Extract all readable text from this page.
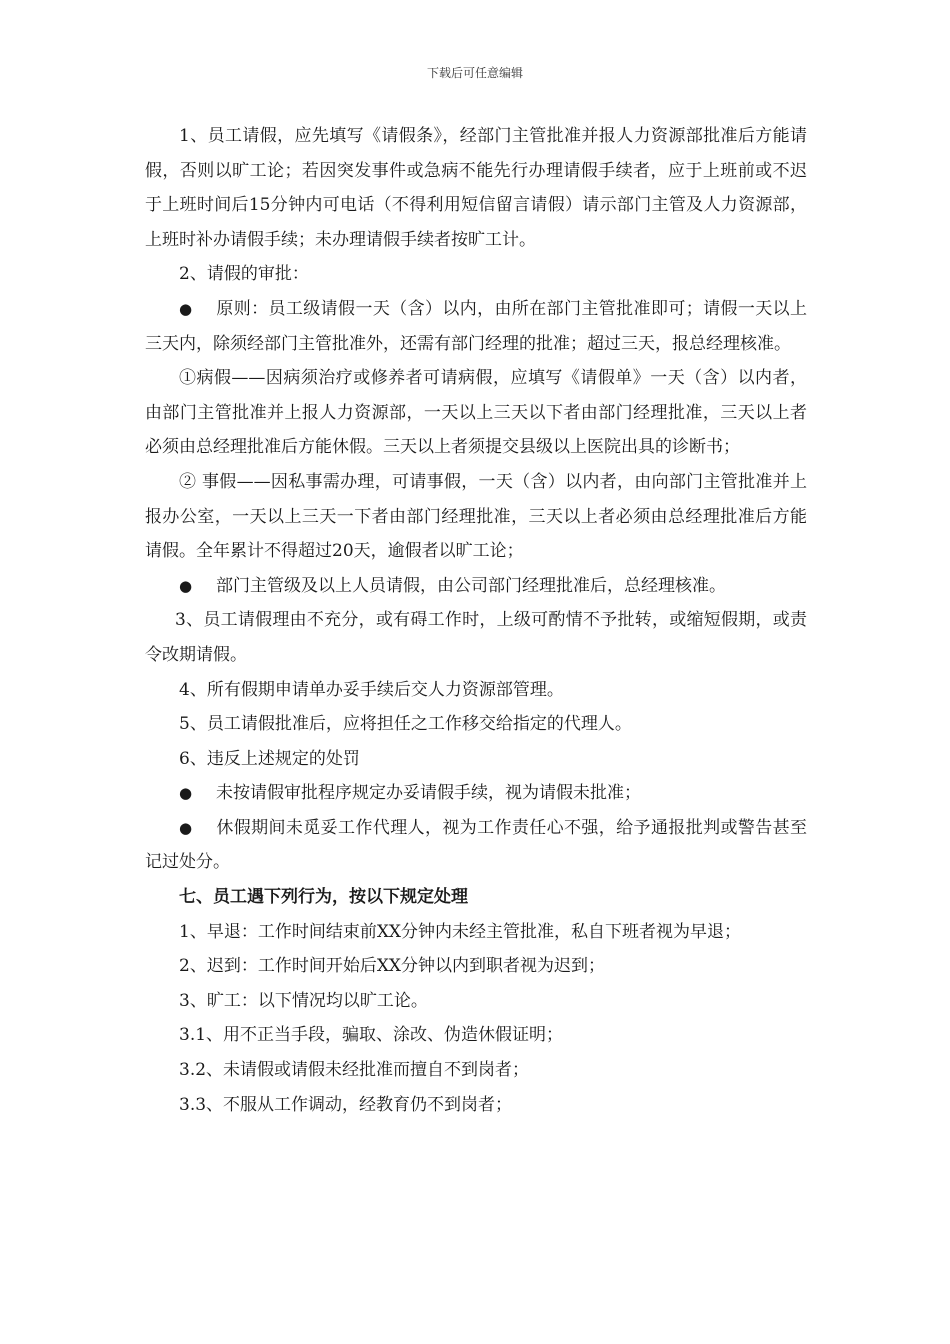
下载后可任意编辑

1、员工请假，应先填写《请假条》，经部门主管批准并报人力资源部批准后方能请假，否则以旷工论；若因突发事件或急病不能先行办理请假手续者，应于上班前或不迟于上班时间后15分钟内可电话（不得利用短信留言请假）请示部门主管及人力资源部，上班时补办请假手续；未办理请假手续者按旷工计。

2、请假的审批：

● 原则：员工级请假一天（含）以内，由所在部门主管批准即可；请假一天以上三天内，除须经部门主管批准外，还需有部门经理的批准；超过三天，报总经理核准。

①病假——因病须治疗或修养者可请病假，应填写《请假单》一天（含）以内者，由部门主管批准并上报人力资源部，一天以上三天以下者由部门经理批准，三天以上者必须由总经理批准后方能休假。三天以上者须提交县级以上医院出具的诊断书；

② 事假——因私事需办理，可请事假，一天（含）以内者，由向部门主管批准并上报办公室，一天以上三天一下者由部门经理批准，三天以上者必须由总经理批准后方能请假。全年累计不得超过20天，逾假者以旷工论；

● 部门主管级及以上人员请假，由公司部门经理批准后，总经理核准。

3、员工请假理由不充分，或有碍工作时，上级可酌情不予批转，或缩短假期，或责令改期请假。

4、所有假期申请单办妥手续后交人力资源部管理。

5、员工请假批准后，应将担任之工作移交给指定的代理人。

6、违反上述规定的处罚

● 未按请假审批程序规定办妥请假手续，视为请假未批准；

● 休假期间未觅妥工作代理人，视为工作责任心不强，给予通报批判或警告甚至记过处分。

七、员工遇下列行为，按以下规定处理

1、早退：工作时间结束前XX分钟内未经主管批准，私自下班者视为早退；

2、迟到：工作时间开始后XX分钟以内到职者视为迟到；

3、旷工：以下情况均以旷工论。

3.1、用不正当手段，骗取、涂改、伪造休假证明；

3.2、未请假或请假未经批准而擅自不到岗者；

3.3、不服从工作调动，经教育仍不到岗者；
